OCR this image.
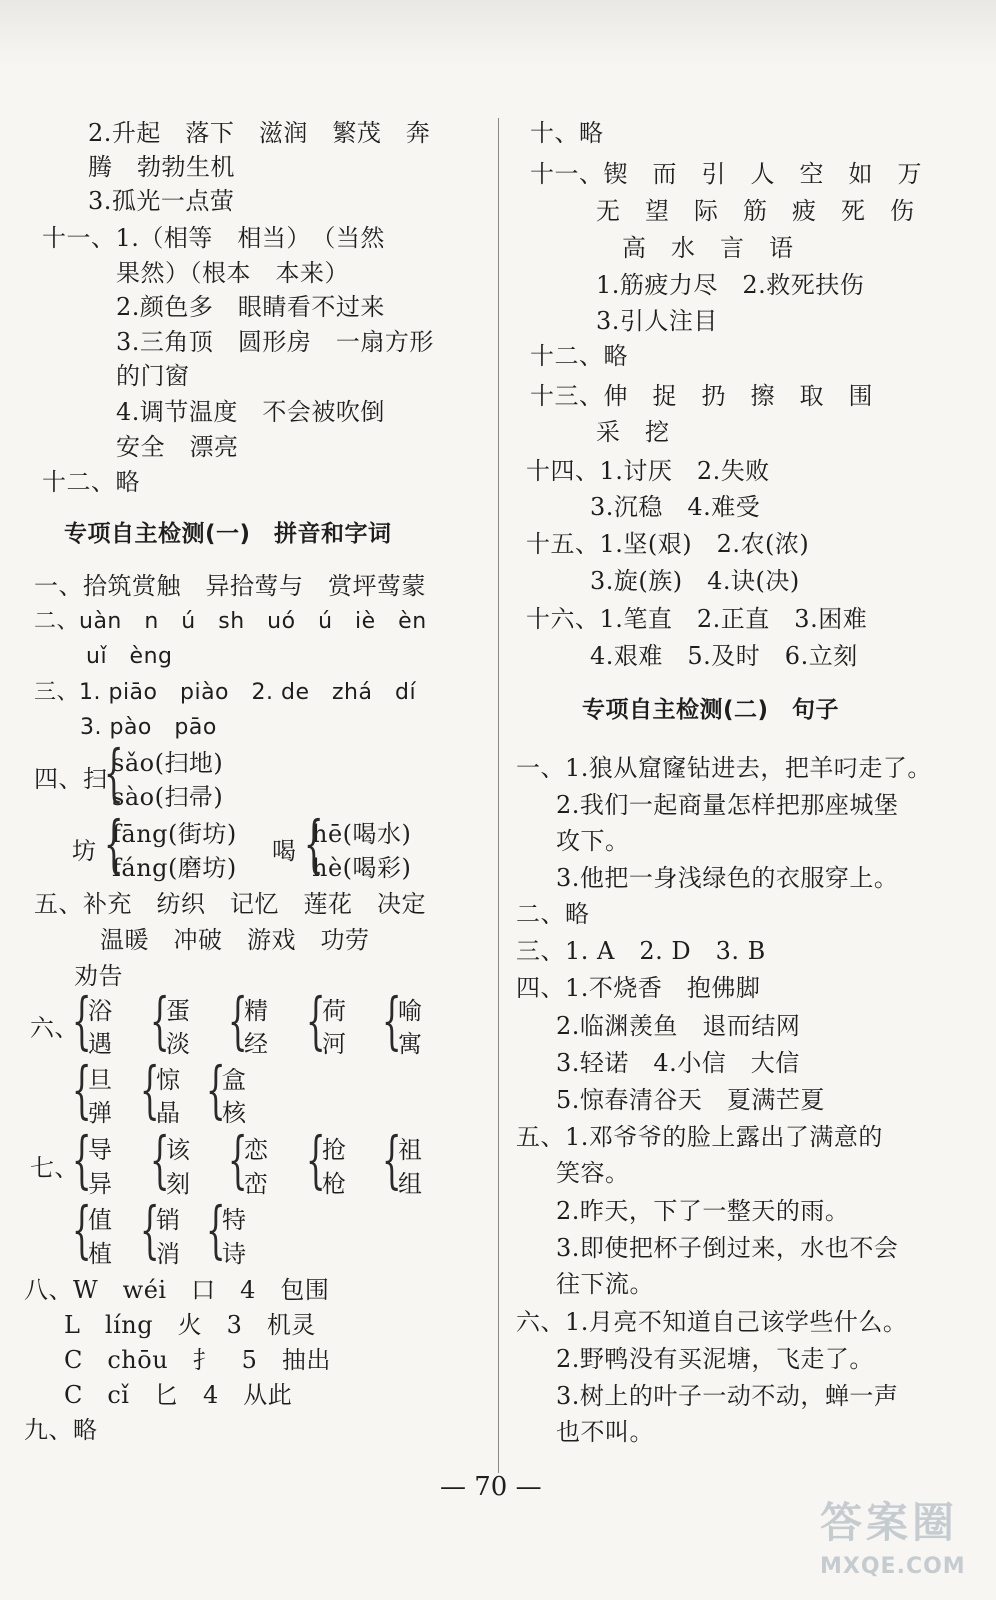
2.升起　落下　滋润　繁茂　奔
腾　勃勃生机
3.孤光一点萤
十一、1.（相等　相当）　（当然
果然）（根本　本来）
2.颜色多　眼睛看不过来
3.三角顶　圆形房　一扇方形
的门窗
4.调节温度　不会被吹倒
安全　漂亮
十二、略
一、拾筑赏触　异拾莺与　赏坪莺蒙
二、uàn　n　ú　sh　uó　ú　iè　èn
uǐ　èng
三、1. piāo　piào　2. de　zhá　dí
3. pào　pāo
四、扫
sǎo(扫地)
sào(扫帚)
坊
fāng(街坊)
fáng(磨坊)
喝
hē(喝水)
hè(喝彩)
五、补充　纺织　记忆　莲花　决定
温暖　冲破　游戏　功劳
劝告
六、
浴
遇
蛋
淡
精
经
荷
河
喻
寓
旦
弹
惊
晶
盒
核
七、
导
异
该
刻
恋
峦
抢
枪
祖
组
值
植
销
消
特
诗
八、W　wéi　口　4　包围
L　líng　火　3　机灵
C　chōu　扌　5　抽出
C　cǐ　匕　4　从此
九、略
专项自主检测(一)　拼音和字词
十、略
十一、锲　而　引　人　空　如　万
无　望　际　筋　疲　死　伤
高　水　言　语
1.筋疲力尽　2.救死扶伤
3.引人注目
十二、略
十三、伸　捉　扔　擦　取　围
采　挖
十四、1.讨厌　2.失败
3.沉稳　4.难受
十五、1.坚(艰)　2.农(浓)
3.旋(族)　4.诀(决)
十六、1.笔直　2.正直　3.困难
4.艰难　5.及时　6.立刻
一、1.狼从窟窿钻进去，把羊叼走了。
2.我们一起商量怎样把那座城堡
攻下。
3.他把一身浅绿色的衣服穿上。
二、略
三、1. A　2. D　3. B
四、1.不烧香　抱佛脚
2.临渊羡鱼　退而结网
3.轻诺　4.小信　大信
5.惊春清谷天　夏满芒夏
五、1.邓爷爷的脸上露出了满意的
笑容。
2.昨天，下了一整天的雨。
3.即使把杯子倒过来，水也不会
往下流。
六、1.月亮不知道自己该学些什么。
2.野鸭没有买泥塘，飞走了。
3.树上的叶子一动不动，蝉一声
也不叫。
专项自主检测(二)　句子
{
{	{
{ { { { {
{ { {
{ { { { {
{ { {
— 70 —
答案圈
MXQE.COM
